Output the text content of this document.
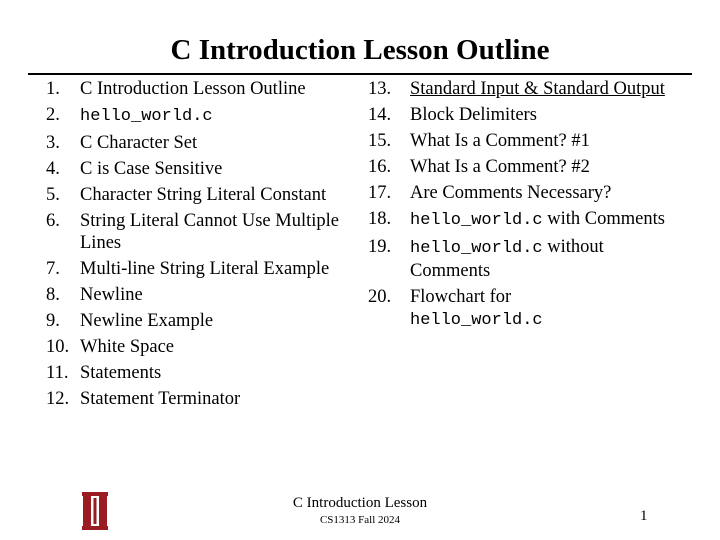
C Introduction Lesson Outline
1. C Introduction Lesson Outline
2. hello_world.c
3. C Character Set
4. C is Case Sensitive
5. Character String Literal Constant
6. String Literal Cannot Use Multiple Lines
7. Multi-line String Literal Example
8. Newline
9. Newline Example
10. White Space
11. Statements
12. Statement Terminator
13. Standard Input & Standard Output
14. Block Delimiters
15. What Is a Comment? #1
16. What Is a Comment? #2
17. Are Comments Necessary?
18. hello_world.c with Comments
19. hello_world.c without Comments
20. Flowchart for
hello_world.c
C Introduction Lesson
CS1313 Fall 2024	1
